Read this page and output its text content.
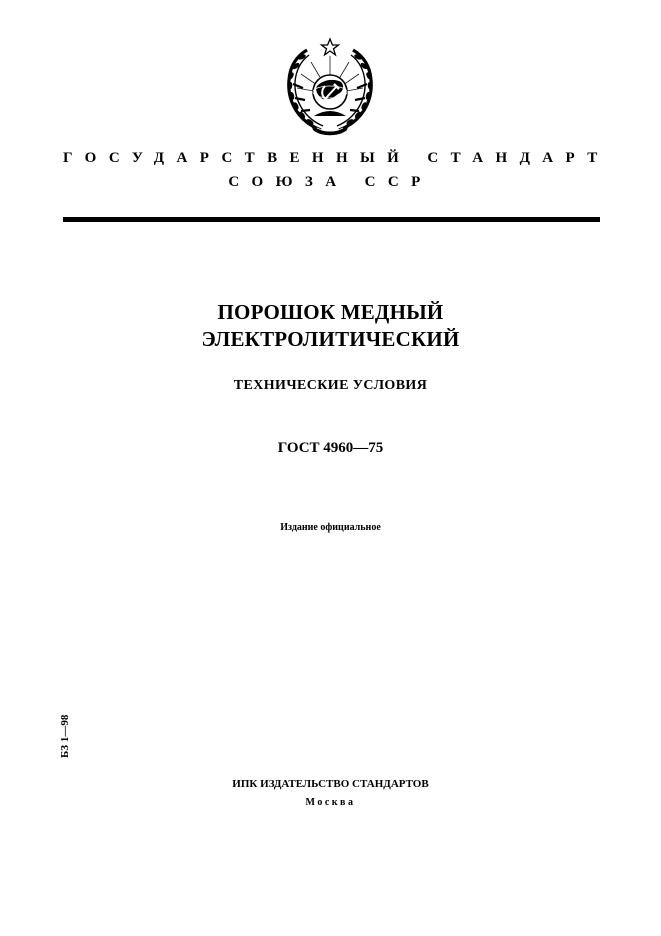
ГОСУДАРСТВЕННЫЙ СТАНДАРТ
СОЮЗА ССР
ПОРОШОК МЕДНЫЙ
ЭЛЕКТРОЛИТИЧЕСКИЙ
ТЕХНИЧЕСКИЕ УСЛОВИЯ
ГОСТ 4960—75
Издание официальное
БЗ 1—98
ИПК ИЗДАТЕЛЬСТВО СТАНДАРТОВ
Москва
